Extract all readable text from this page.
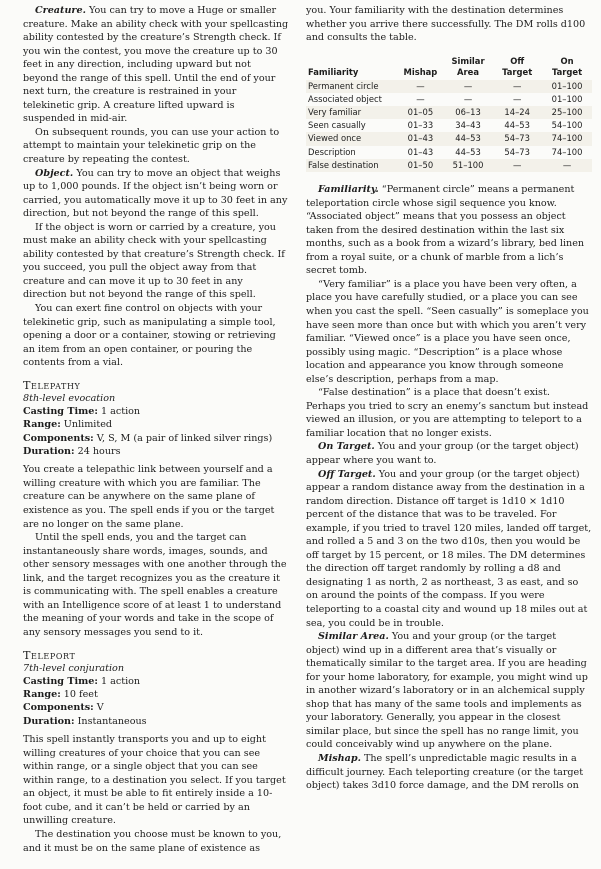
Creature. You can try to move a Huge or smaller creature. Make an ability check with your spellcasting ability contested by the creature’s Strength check. If you win the contest, you move the creature up to 30 feet in any direction, including upward but not beyond the range of this spell. Until the end of your next turn, the creature is restrained in your telekinetic grip. A creature lifted upward is suspended in mid-air.

On subsequent rounds, you can use your action to attempt to maintain your telekinetic grip on the creature by repeating the contest.

Object. You can try to move an object that weighs up to 1,000 pounds. If the object isn’t being worn or carried, you automatically move it up to 30 feet in any direction, but not beyond the range of this spell.

If the object is worn or carried by a creature, you must make an ability check with your spellcasting ability contested by that creature’s Strength check. If you succeed, you pull the object away from that creature and can move it up to 30 feet in any direction but not beyond the range of this spell.

You can exert fine control on objects with your telekinetic grip, such as manipulating a simple tool, opening a door or a container, stowing or retrieving an item from an open container, or pouring the contents from a vial.

Telepathy
8th-level evocation
Casting Time: 1 action
Range: Unlimited
Components: V, S, M (a pair of linked silver rings)
Duration: 24 hours

You create a telepathic link between yourself and a willing creature with which you are familiar. The creature can be anywhere on the same plane of existence as you. The spell ends if you or the target are no longer on the same plane.

Until the spell ends, you and the target can instantaneously share words, images, sounds, and other sensory messages with one another through the link, and the target recognizes you as the creature it is communicating with. The spell enables a creature with an Intelligence score of at least 1 to understand the meaning of your words and take in the scope of any sensory messages you send to it.

Teleport
7th-level conjuration
Casting Time: 1 action
Range: 10 feet
Components: V
Duration: Instantaneous

This spell instantly transports you and up to eight willing creatures of your choice that you can see within range, or a single object that you can see within range, to a destination you select. If you target an object, it must be able to fit entirely inside a 10-foot cube, and it can’t be held or carried by an unwilling creature.

The destination you choose must be known to you, and it must be on the same plane of existence as

you. Your familiarity with the destination determines whether you arrive there successfully. The DM rolls d100 and consults the table.

Familiarity	Mishap	Similar Area	Off Target	On Target
Permanent circle	—	—	—	01–100
Associated object	—	—	—	01–100
Very familiar	01–05	06–13	14–24	25–100
Seen casually	01–33	34–43	44–53	54–100
Viewed once	01–43	44–53	54–73	74–100
Description	01–43	44–53	54–73	74–100
False destination	01–50	51–100	—	—

Familiarity. “Permanent circle” means a permanent teleportation circle whose sigil sequence you know. “Associated object” means that you possess an object taken from the desired destination within the last six months, such as a book from a wizard’s library, bed linen from a royal suite, or a chunk of marble from a lich’s secret tomb.

“Very familiar” is a place you have been very often, a place you have carefully studied, or a place you can see when you cast the spell. “Seen casually” is someplace you have seen more than once but with which you aren’t very familiar. “Viewed once” is a place you have seen once, possibly using magic. “Description” is a place whose location and appearance you know through someone else’s description, perhaps from a map.

“False destination” is a place that doesn’t exist. Perhaps you tried to scry an enemy’s sanctum but instead viewed an illusion, or you are attempting to teleport to a familiar location that no longer exists.

On Target. You and your group (or the target object) appear where you want to.

Off Target. You and your group (or the target object) appear a random distance away from the destination in a random direction. Distance off target is 1d10 × 1d10 percent of the distance that was to be traveled. For example, if you tried to travel 120 miles, landed off target, and rolled a 5 and 3 on the two d10s, then you would be off target by 15 percent, or 18 miles. The DM determines the direction off target randomly by rolling a d8 and designating 1 as north, 2 as northeast, 3 as east, and so on around the points of the compass. If you were teleporting to a coastal city and wound up 18 miles out at sea, you could be in trouble.

Similar Area. You and your group (or the target object) wind up in a different area that’s visually or thematically similar to the target area. If you are heading for your home laboratory, for example, you might wind up in another wizard’s laboratory or in an alchemical supply shop that has many of the same tools and implements as your laboratory. Generally, you appear in the closest similar place, but since the spell has no range limit, you could conceivably wind up anywhere on the plane.

Mishap. The spell’s unpredictable magic results in a difficult journey. Each teleporting creature (or the target object) takes 3d10 force damage, and the DM rerolls on
